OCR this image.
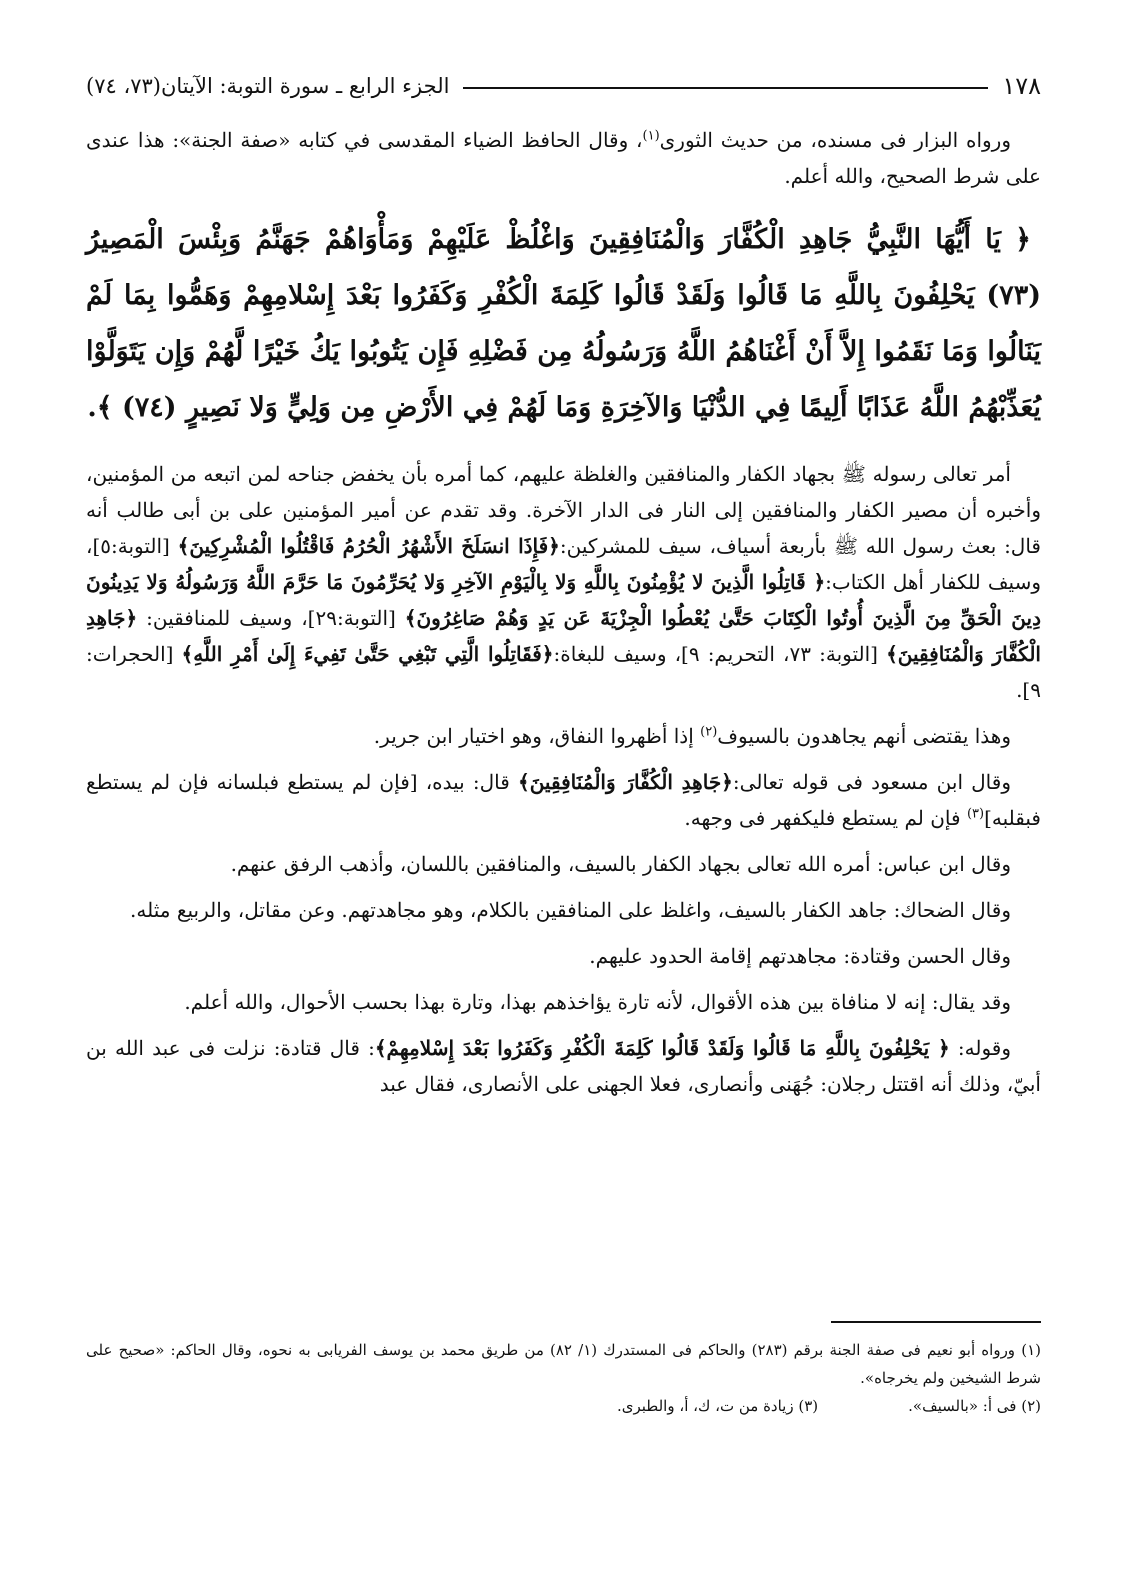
١٧٨
الجزء الرابع ـ سورة التوبة: الآيتان(٧٣، ٧٤)

ورواه البزار فى مسنده، من حديث الثورى$^{(١)}$، وقال الحافظ الضياء المقدسى في كتابه «صفة الجنة»: هذا عندى على شرط الصحيح، والله أعلم.

﴿ يَا أَيُّهَا النَّبِيُّ جَاهِدِ الْكُفَّارَ وَالْمُنَافِقِينَ وَاغْلُظْ عَلَيْهِمْ وَمَأْوَاهُمْ جَهَنَّمُ وَبِئْسَ الْمَصِيرُ (٧٣) يَحْلِفُونَ بِاللَّهِ مَا قَالُوا وَلَقَدْ قَالُوا كَلِمَةَ الْكُفْرِ وَكَفَرُوا بَعْدَ إِسْلامِهِمْ وَهَمُّوا بِمَا لَمْ يَنَالُوا وَمَا نَقَمُوا إِلاَّ أَنْ أَغْنَاهُمُ اللَّهُ وَرَسُولُهُ مِن فَضْلِهِ فَإِن يَتُوبُوا يَكُ خَيْرًا لَّهُمْ وَإِن يَتَوَلَّوْا يُعَذِّبْهُمُ اللَّهُ عَذَابًا أَلِيمًا فِي الدُّنْيَا وَالآخِرَةِ وَمَا لَهُمْ فِي الأَرْضِ مِن وَلِيٍّ وَلا نَصِيرٍ (٧٤) ﴾.

أمر تعالى رسوله ﷺ بجهاد الكفار والمنافقين والغلظة عليهم، كما أمره بأن يخفض جناحه لمن اتبعه من المؤمنين، وأخبره أن مصير الكفار والمنافقين إلى النار فى الدار الآخرة. وقد تقدم عن أمير المؤمنين على بن أبى طالب أنه قال: بعث رسول الله ﷺ بأربعة أسياف، سيف للمشركين:﴿فَإِذَا انسَلَخَ الأَشْهُرُ الْحُرُمُ فَاقْتُلُوا الْمُشْرِكِينَ﴾ [التوبة:٥]، وسيف للكفار أهل الكتاب:﴿ قَاتِلُوا الَّذِينَ لا يُؤْمِنُونَ بِاللَّهِ وَلا بِالْيَوْمِ الآخِرِ وَلا يُحَرِّمُونَ مَا حَرَّمَ اللَّهُ وَرَسُولُهُ وَلا يَدِينُونَ دِينَ الْحَقِّ مِنَ الَّذِينَ أُوتُوا الْكِتَابَ حَتَّىٰ يُعْطُوا الْجِزْيَةَ عَن يَدٍ وَهُمْ صَاغِرُونَ﴾ [التوبة:٢٩]، وسيف للمنافقين: ﴿جَاهِدِ الْكُفَّارَ وَالْمُنَافِقِينَ﴾ [التوبة: ٧٣، التحريم: ٩]، وسيف للبغاة:﴿فَقَاتِلُوا الَّتِي تَبْغِي حَتَّىٰ تَفِيءَ إِلَىٰ أَمْرِ اللَّهِ﴾ [الحجرات: ٩].

وهذا يقتضى أنهم يجاهدون بالسيوف$^{(٢)}$ إذا أظهروا النفاق، وهو اختيار ابن جرير.

وقال ابن مسعود فى قوله تعالى:﴿جَاهِدِ الْكُفَّارَ وَالْمُنَافِقِينَ﴾ قال: بيده، [فإن لم يستطع فبلسانه فإن لم يستطع فبقلبه]$^{(٣)}$ فإن لم يستطع فليكفهر فى وجهه.

وقال ابن عباس: أمره الله تعالى بجهاد الكفار بالسيف، والمنافقين باللسان، وأذهب الرفق عنهم.

وقال الضحاك: جاهد الكفار بالسيف، واغلظ على المنافقين بالكلام، وهو مجاهدتهم. وعن مقاتل، والربيع مثله.

وقال الحسن وقتادة: مجاهدتهم إقامة الحدود عليهم.

وقد يقال: إنه لا منافاة بين هذه الأقوال، لأنه تارة يؤاخذهم بهذا، وتارة بهذا بحسب الأحوال، والله أعلم.

وقوله: ﴿ يَحْلِفُونَ بِاللَّهِ مَا قَالُوا وَلَقَدْ قَالُوا كَلِمَةَ الْكُفْرِ وَكَفَرُوا بَعْدَ إِسْلامِهِمْ﴾: قال قتادة: نزلت فى عبد الله بن أبيّ، وذلك أنه اقتتل رجلان: جُهَنى وأنصارى، فعلا الجهنى على الأنصارى، فقال عبد

(١) ورواه أبو نعيم فى صفة الجنة برقم (٢٨٣) والحاكم فى المستدرك (١/ ٨٢) من طريق محمد بن يوسف الفريابى به نحوه، وقال الحاكم: «صحيح على شرط الشيخين ولم يخرجاه».

(٢) فى أ: «بالسيف».
(٣) زيادة من ت، ك، أ، والطبرى.
